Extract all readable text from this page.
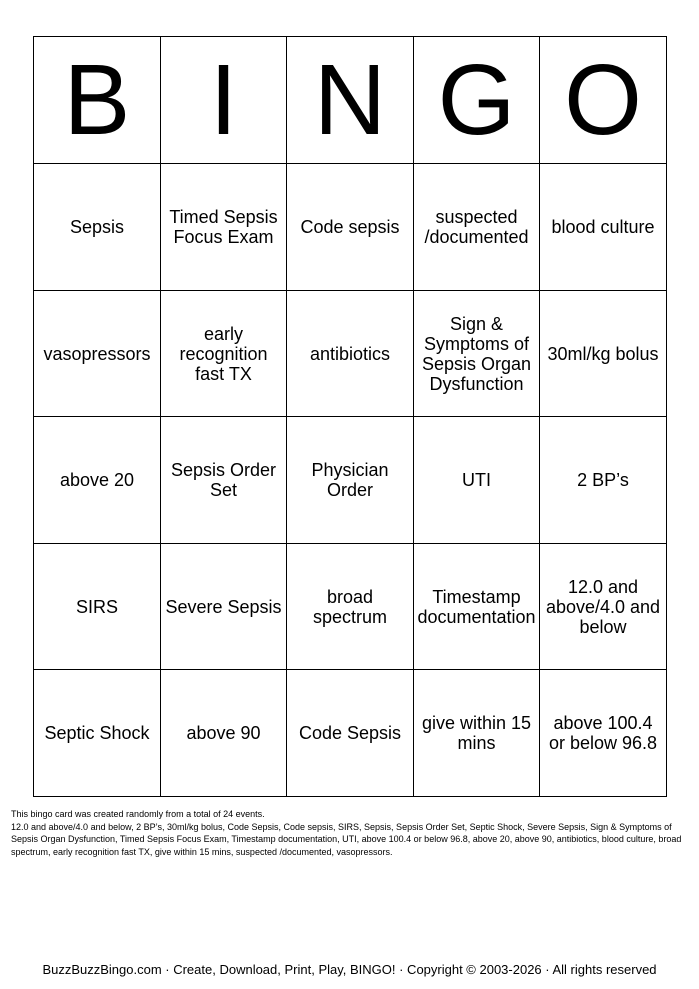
B	I	N	G	O
Sepsis	Timed Sepsis Focus Exam	Code sepsis	suspected /documented	blood culture
vasopressors	early recognition fast TX	antibiotics	Sign & Symptoms of Sepsis Organ Dysfunction	30ml/kg bolus
above 20	Sepsis Order Set	Physician Order	UTI	2 BP’s
SIRS	Severe Sepsis	broad spectrum	Timestamp documentation	12.0 and above/4.0 and below
Septic Shock	above 90	Code Sepsis	give within 15 mins	above 100.4 or below 96.8

This bingo card was created randomly from a total of 24 events.

12.0 and above/4.0 and below, 2 BP’s, 30ml/kg bolus, Code Sepsis, Code sepsis, SIRS, Sepsis, Sepsis Order Set, Septic Shock, Severe Sepsis, Sign & Symptoms of Sepsis Organ Dysfunction, Timed Sepsis Focus Exam, Timestamp documentation, UTI, above 100.4 or below 96.8, above 20, above 90, antibiotics, blood culture, broad spectrum, early recognition fast TX, give within 15 mins, suspected /documented, vasopressors.

BuzzBuzzBingo.com · Create, Download, Print, Play, BINGO! · Copyright © 2003-2026 · All rights reserved
